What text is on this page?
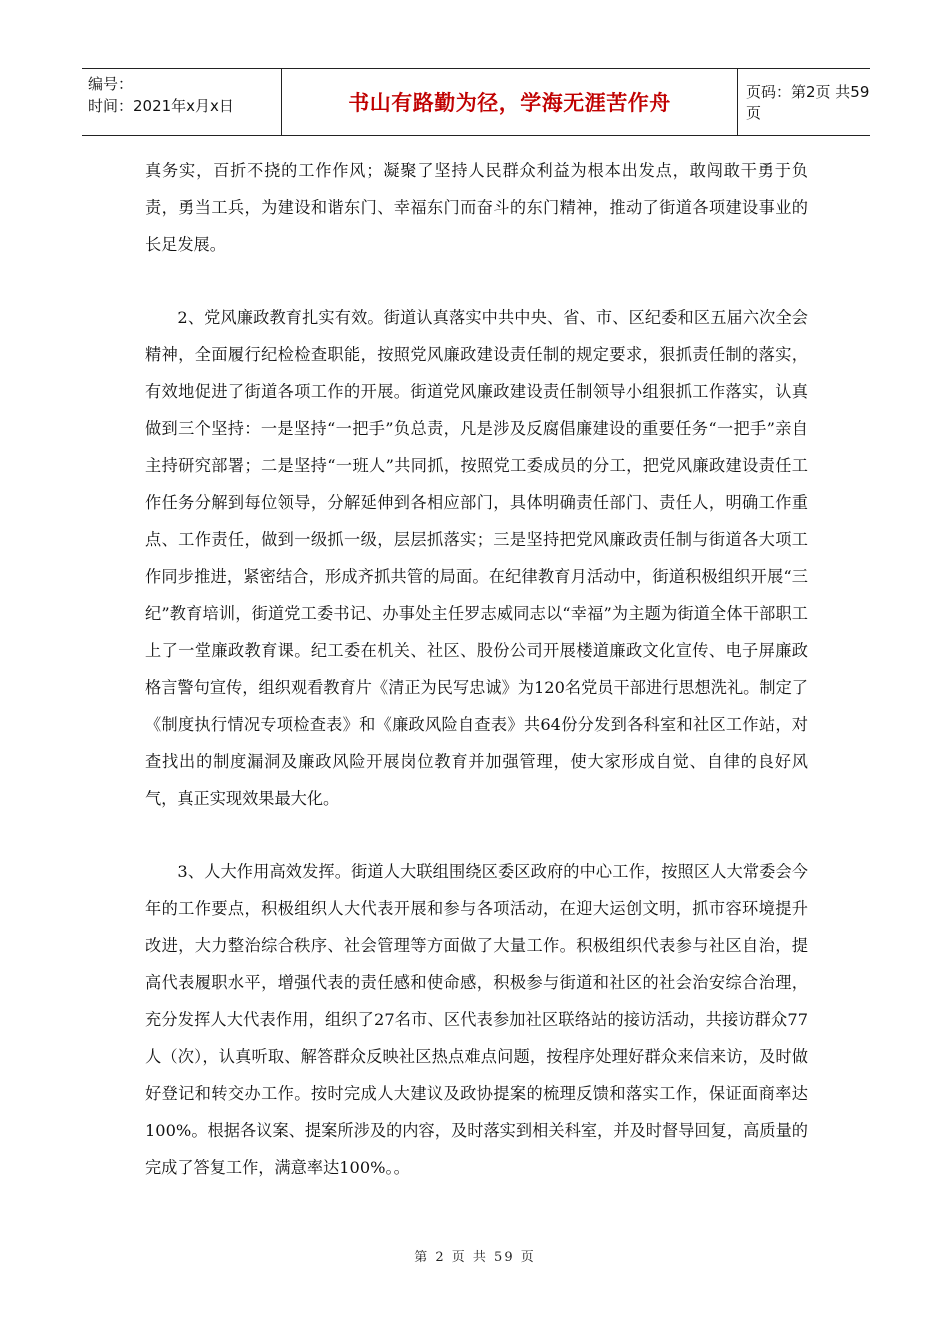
编号：
时间：2021年x月x日	书山有路勤为径，学海无涯苦作舟	页码：第2页 共59页

真务实，百折不挠的工作作风；凝聚了坚持人民群众利益为根本出发点，敢闯敢干勇于负责，勇当工兵，为建设和谐东门、幸福东门而奋斗的东门精神，推动了街道各项建设事业的长足发展。

2、党风廉政教育扎实有效。街道认真落实中共中央、省、市、区纪委和区五届六次全会精神，全面履行纪检检查职能，按照党风廉政建设责任制的规定要求，狠抓责任制的落实，有效地促进了街道各项工作的开展。街道党风廉政建设责任制领导小组狠抓工作落实，认真做到三个坚持：一是坚持“一把手”负总责，凡是涉及反腐倡廉建设的重要任务“一把手”亲自主持研究部署；二是坚持“一班人”共同抓，按照党工委成员的分工，把党风廉政建设责任工作任务分解到每位领导，分解延伸到各相应部门，具体明确责任部门、责任人，明确工作重点、工作责任，做到一级抓一级，层层抓落实；三是坚持把党风廉政责任制与街道各大项工作同步推进，紧密结合，形成齐抓共管的局面。在纪律教育月活动中，街道积极组织开展“三纪”教育培训，街道党工委书记、办事处主任罗志威同志以“幸福”为主题为街道全体干部职工上了一堂廉政教育课。纪工委在机关、社区、股份公司开展楼道廉政文化宣传、电子屏廉政格言警句宣传，组织观看教育片《清正为民写忠诚》为120名党员干部进行思想洗礼。制定了《制度执行情况专项检查表》和《廉政风险自查表》共64份分发到各科室和社区工作站，对查找出的制度漏洞及廉政风险开展岗位教育并加强管理，使大家形成自觉、自律的良好风气，真正实现效果最大化。

3、人大作用高效发挥。街道人大联组围绕区委区政府的中心工作，按照区人大常委会今年的工作要点，积极组织人大代表开展和参与各项活动，在迎大运创文明，抓市容环境提升改进，大力整治综合秩序、社会管理等方面做了大量工作。积极组织代表参与社区自治，提高代表履职水平，增强代表的责任感和使命感，积极参与街道和社区的社会治安综合治理，充分发挥人大代表作用，组织了27名市、区代表参加社区联络站的接访活动，共接访群众77人（次），认真听取、解答群众反映社区热点难点问题，按程序处理好群众来信来访，及时做好登记和转交办工作。按时完成人大建议及政协提案的梳理反馈和落实工作，保证面商率达100%。根据各议案、提案所涉及的内容，及时落实到相关科室，并及时督导回复，高质量的完成了答复工作，满意率达100%。。

第 2 页 共 59 页
